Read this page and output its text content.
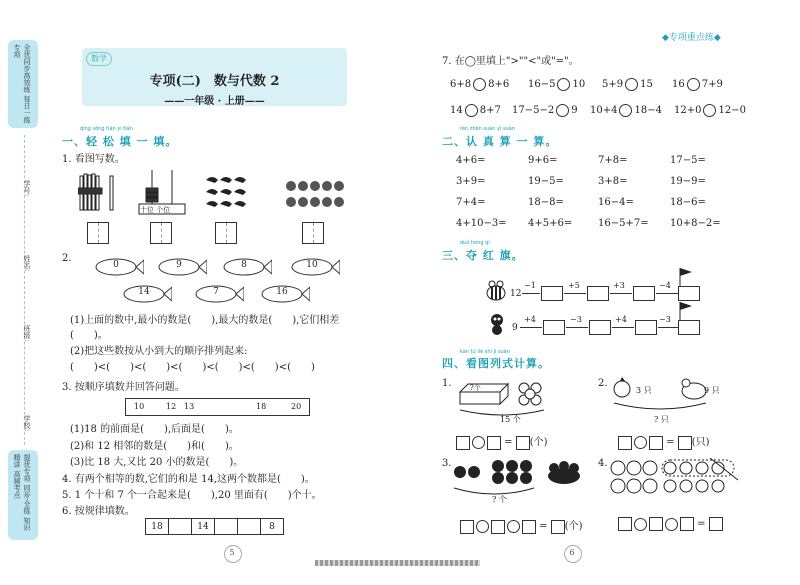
全优同步高效练 每日一练 专项
学号:
姓名:
班级:
学校:
提优专项 同步·全练 知识精讲 高频考点
数学
专项(二)　数与代数 2
——一年级 · 上册——
qīng sōng tián yi tián
一、轻 松 填 一 填。
1. 看图写数。
十位 个位
2.
0	9	8	10
14	7	16
(1)上面的数中,最小的数是(　　),最大的数是(　　),它们相差
(　　)。
(2)把这些数按从小到大的顺序排列起来:
(　　)<(　　)<(　　)<(　　)<(　　)<(　　)<(　　)
3. 按顺序填数并回答问题。
10	12 13	18	20
(1)18 的前面是(　　),后面是(　　)。
(2)和 12 相邻的数是(　　)和(　　)。
(3)比 18 大,又比 20 小的数是(　　)。
4. 有两个相等的数,它们的和是 14,这两个数都是(　　)。
5. 1 个十和 7 个一合起来是(　　),20 里面有(　　)个十。
6. 按规律填数。
18		14			8
5
◆专项重点练◆
7. 在◯里填上">""<"或"="。
6+8 8+6 16−5 10 5+9 15 16 7+9
14 8+7 17−5−2 9 10+4 18−4 12+0 12−0
rèn zhēn suàn yi suàn
二、认 真 算 一 算。
4+6=	9+6=	7+8=	17−5=
3+9=	19−5=	3+8=	19−9=
7+4=	18−8=	16−4=	18−6=
4+10−3= 4+5+6=	16−5+7= 10+8−2=
duó hóng qí
三、夺 红 旗。
12
−1	+5	+3	−4
9
+4	−3	+4	−3
kàn tú liè shì jì suàn
四、看图列式计算。
1.	?个
15 个
= (个)
2.
3 只	9 只
? 只
= (只)
3.
? 个
= (个)
4.
=
6
